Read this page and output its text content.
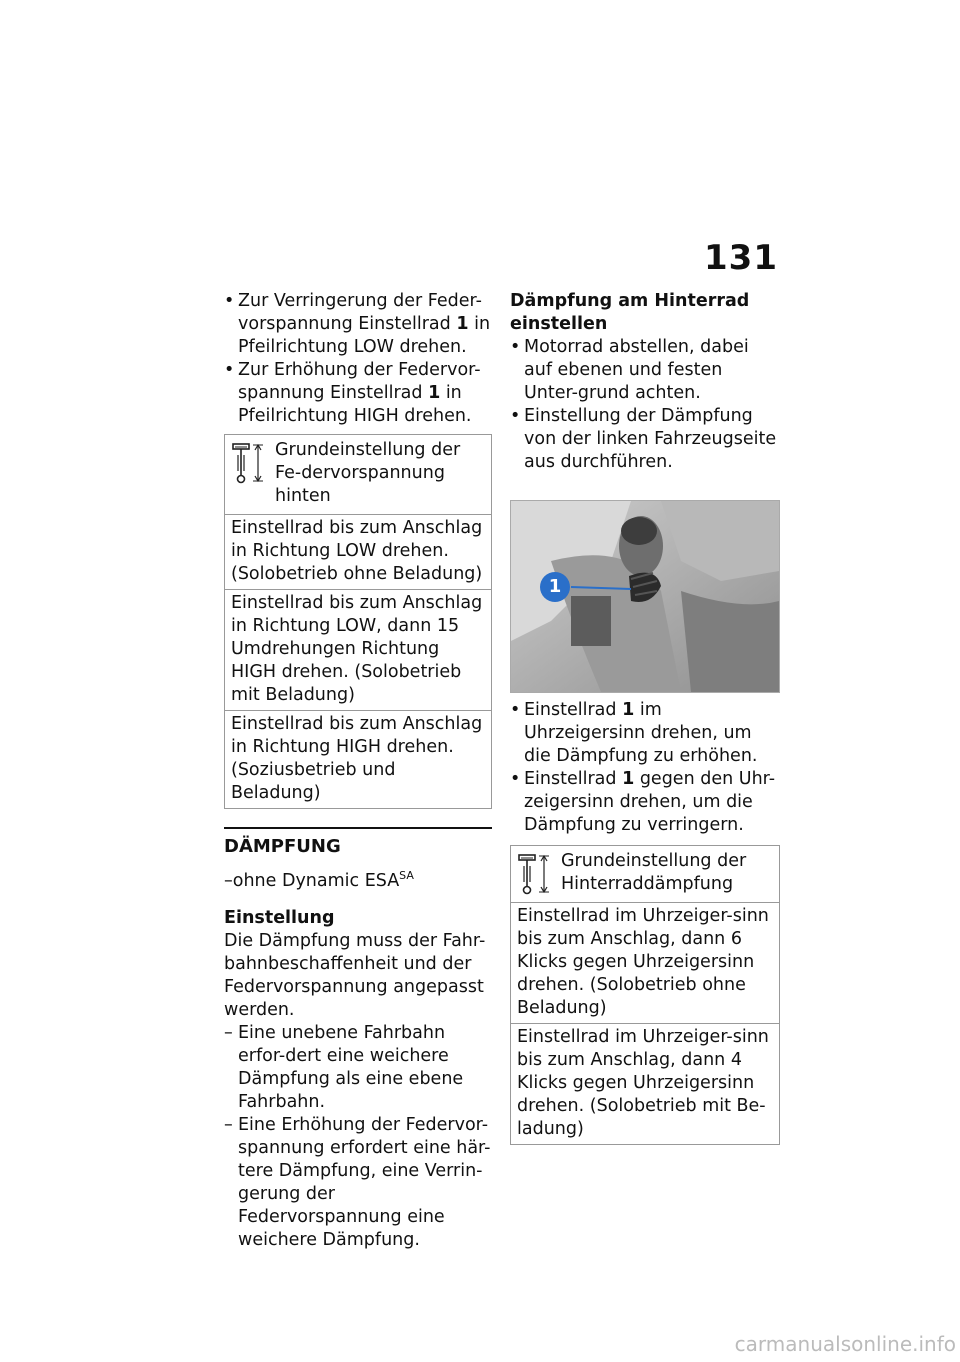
131

• Zur Verringerung der Feder-vorspannung Einstellrad 1 in Pfeilrichtung LOW drehen.

• Zur Erhöhung der Federvor-spannung Einstellrad 1 in Pfeilrichtung HIGH drehen.

Grundeinstellung der Fe-dervorspannung hinten
Einstellrad bis zum Anschlag in Richtung LOW drehen. (Solobetrieb ohne Beladung)
Einstellrad bis zum Anschlag in Richtung LOW, dann 15 Umdrehungen Richtung HIGH drehen. (Solobetrieb mit Beladung)
Einstellrad bis zum Anschlag in Richtung HIGH drehen. (Soziusbetrieb und Beladung)
DÄMPFUNG

–ohne Dynamic $ESA^{SA}$

Einstellung

Die Dämpfung muss der Fahr-bahnbeschaffenheit und der Federvorspannung angepasst werden.

– Eine unebene Fahrbahn erfor-dert eine weichere Dämpfung als eine ebene Fahrbahn.

– Eine Erhöhung der Federvor-spannung erfordert eine här-tere Dämpfung, eine Verrin-gerung der Federvorspannung eine weichere Dämpfung.

Dämpfung am Hinterrad einstellen

• Motorrad abstellen, dabei auf ebenen und festen Unter-grund achten.

• Einstellung der Dämpfung von der linken Fahrzeugseite aus durchführen.

1

• Einstellrad 1 im Uhrzeigersinn drehen, um die Dämpfung zu erhöhen.

• Einstellrad 1 gegen den Uhr-zeigersinn drehen, um die Dämpfung zu verringern.

Grundeinstellung der Hinterraddämpfung
Einstellrad im Uhrzeiger-sinn bis zum Anschlag, dann 6 Klicks gegen Uhrzeigersinn drehen. (Solobetrieb ohne Beladung)
Einstellrad im Uhrzeiger-sinn bis zum Anschlag, dann 4 Klicks gegen Uhrzeigersinn drehen. (Solobetrieb mit Be-ladung)
carmanualsonline.info
